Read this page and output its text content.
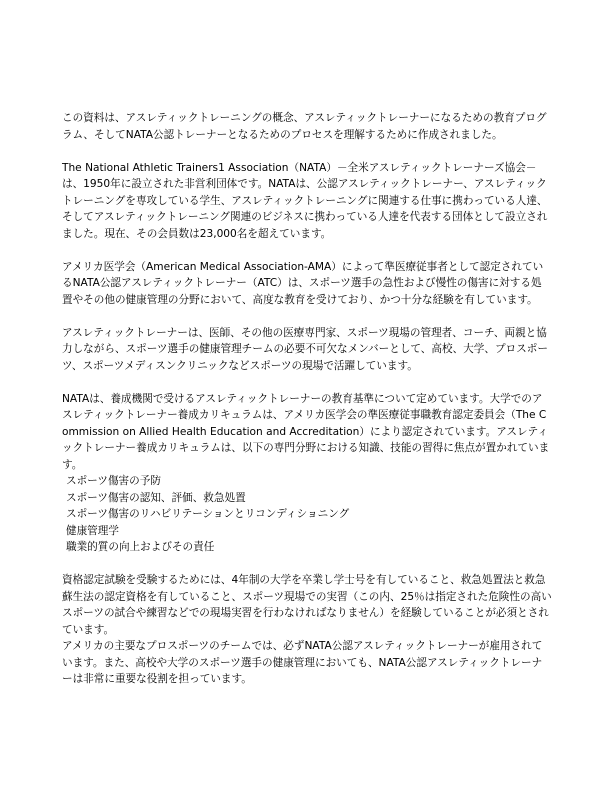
この資料は、アスレティックトレーニングの概念、アスレティックトレーナーになるための教育プログラム、そしてNATA公認トレーナーとなるためのプロセスを理解するために作成されました。

The National Athletic Trainers1 Association（NATA）－全米アスレティックトレーナーズ協会－は、1950年に設立された非営利団体です。NATAは、公認アスレティックトレーナー、アスレティックトレーニングを専攻している学生、アスレティックトレーニングに関連する仕事に携わっている人達、そしてアスレティックトレーニング関連のビジネスに携わっている人達を代表する団体として設立されました。現在、その会員数は23,000名を超えています。

アメリカ医学会（American Medical Association-AMA）によって準医療従事者として認定されているNATA公認アスレティックトレーナー（ATC）は、スポーツ選手の急性および慢性の傷害に対する処置やその他の健康管理の分野において、高度な教育を受けており、かつ十分な経験を有しています。

アスレティックトレーナーは、医師、その他の医療専門家、スポーツ現場の管理者、コーチ、両親と協力しながら、スポーツ選手の健康管理チームの必要不可欠なメンバーとして、高校、大学、プロスポーツ、スポーツメディスンクリニックなどスポーツの現場で活躍しています。

NATAは、養成機関で受けるアスレティックトレーナーの教育基準について定めています。大学でのアスレティックトレーナー養成カリキュラムは、アメリカ医学会の準医療従事職教育認定委員会（The Commission on Allied Health Education and Accreditation）により認定されています。アスレティックトレーナー養成カリキュラムは、以下の専門分野における知識、技能の習得に焦点が置かれています。

スポーツ傷害の予防
スポーツ傷害の認知、評価、救急処置
スポーツ傷害のリハビリテーションとリコンディショニング
健康管理学
職業的質の向上およびその責任

資格認定試験を受験するためには、4年制の大学を卒業し学士号を有していること、救急処置法と救急蘇生法の認定資格を有していること、スポーツ現場での実習（この内、25％は指定された危険性の高いスポーツの試合や練習などでの現場実習を行わなければなりません）を経験していることが必須とされています。

アメリカの主要なプロスポーツのチームでは、必ずNATA公認アスレティックトレーナーが雇用されています。また、高校や大学のスポーツ選手の健康管理においても、NATA公認アスレティックトレーナーは非常に重要な役割を担っています。
